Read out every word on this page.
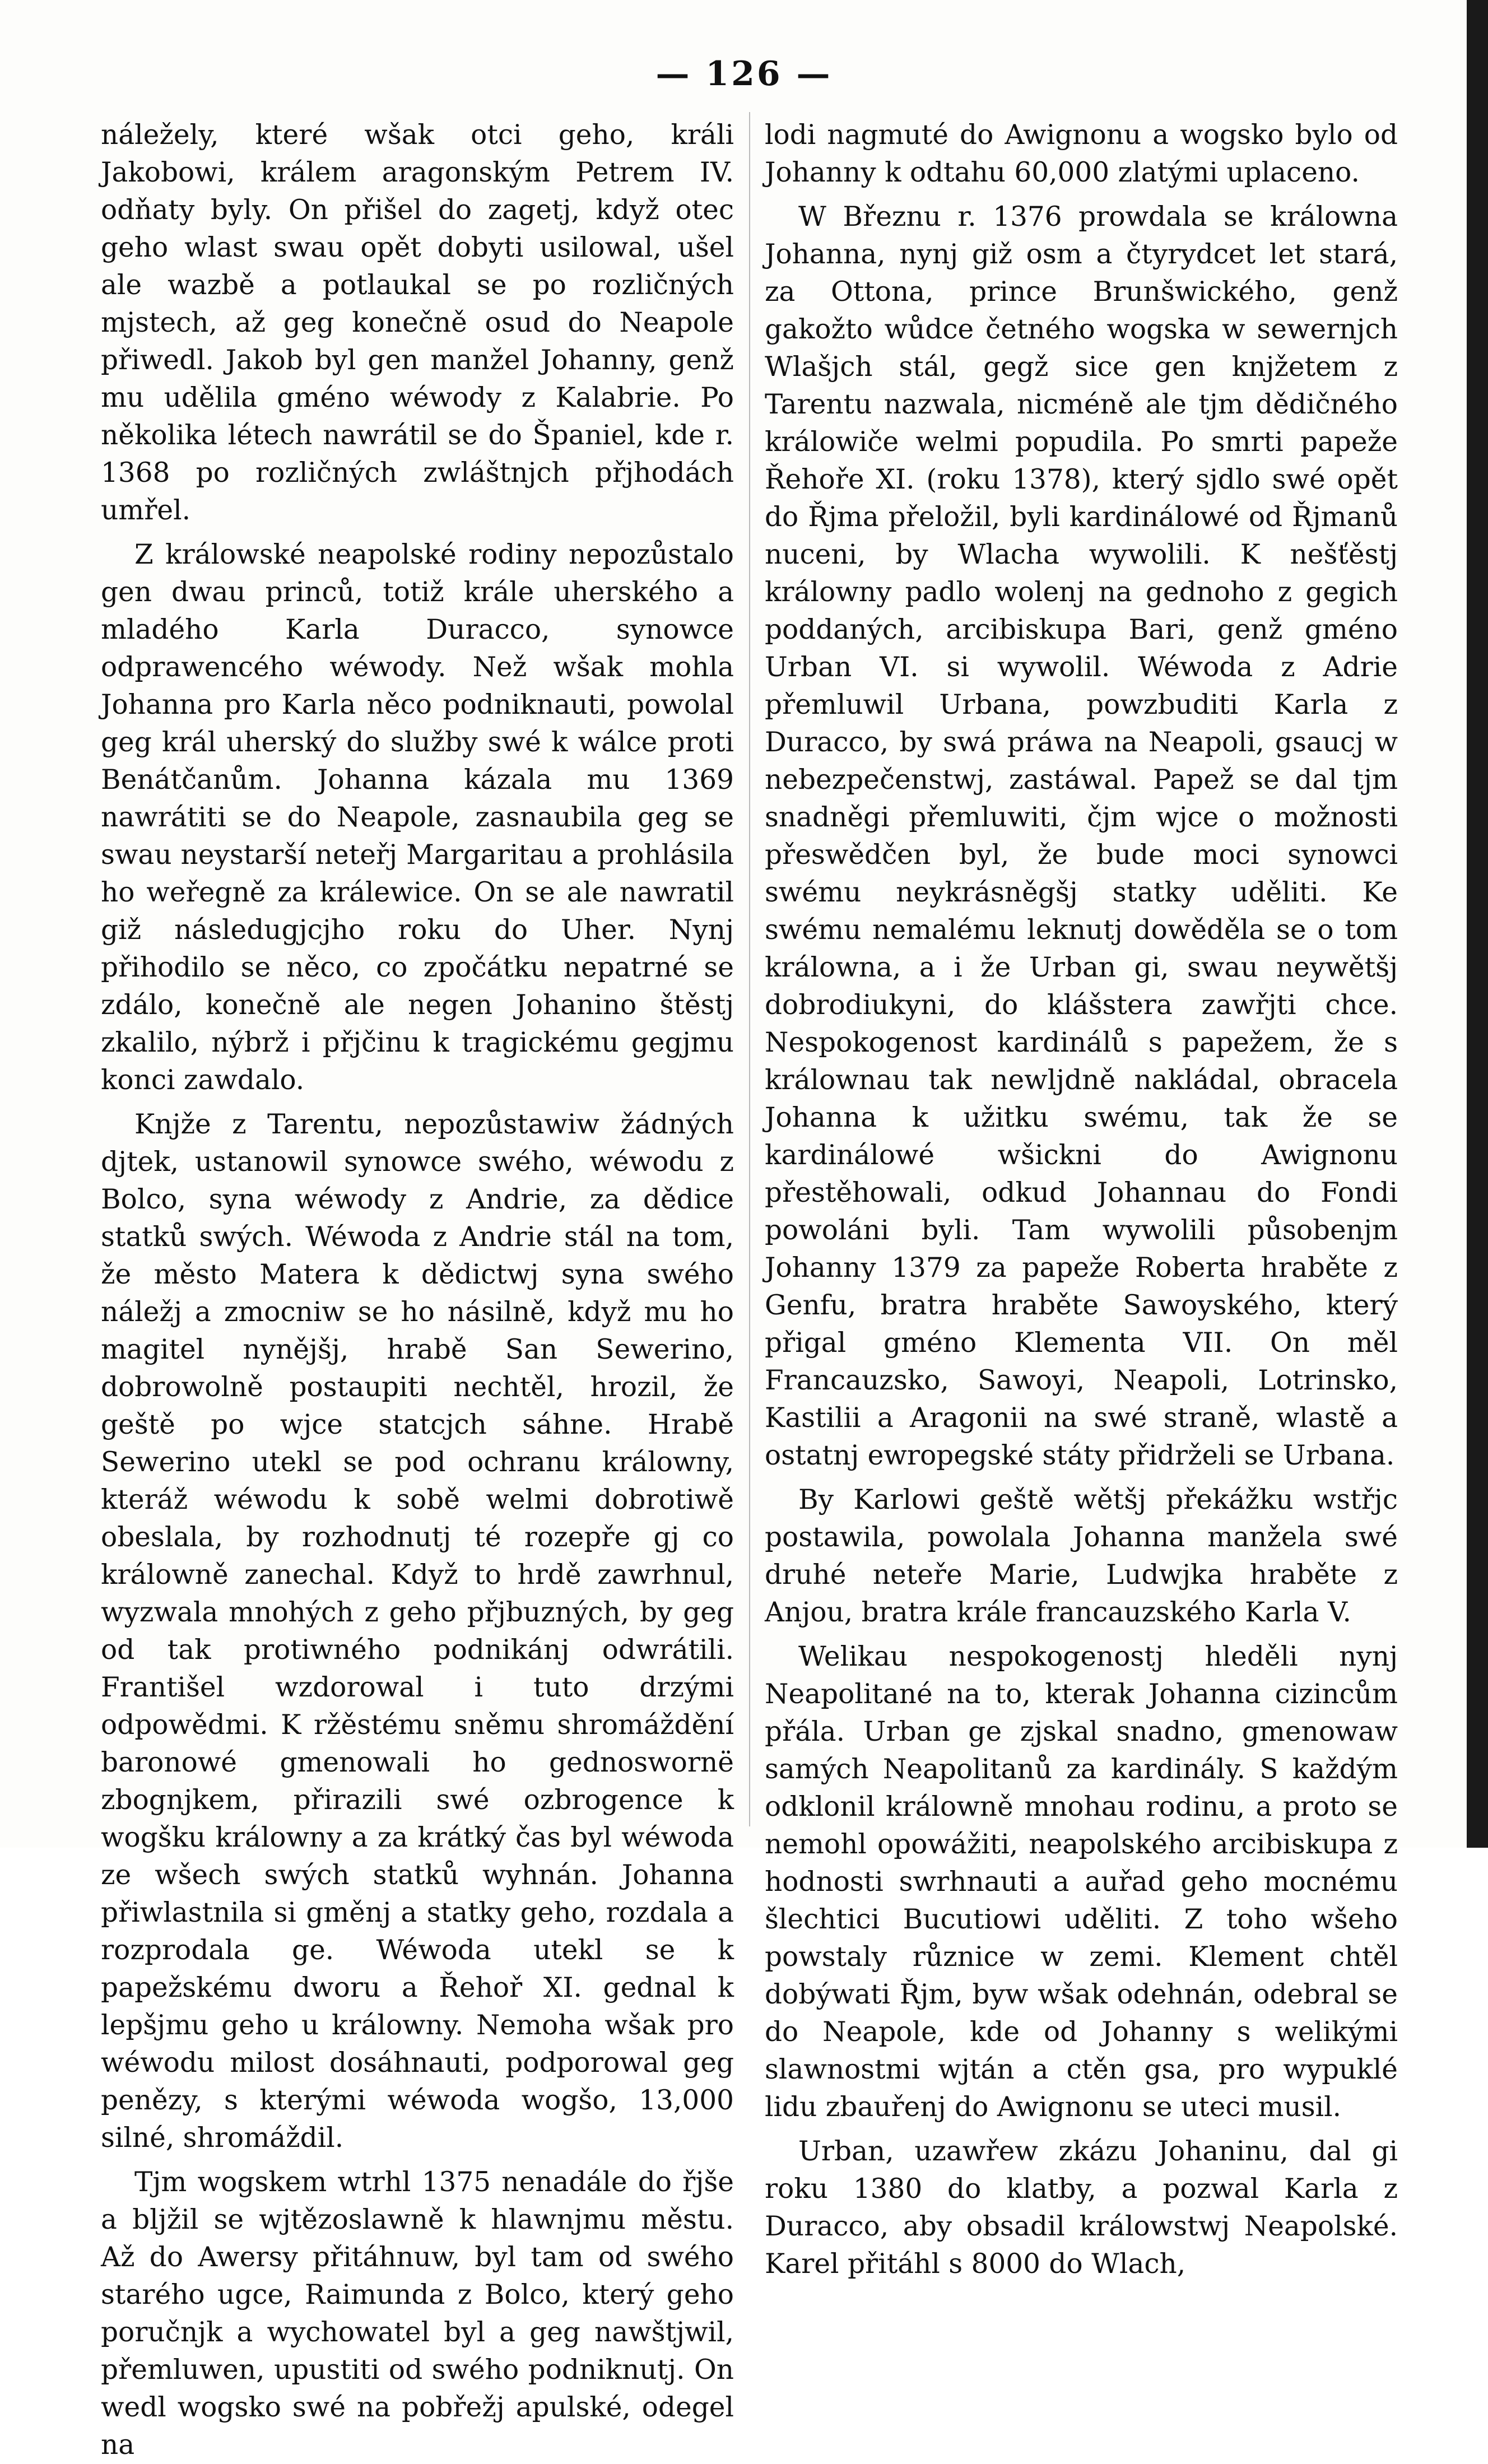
— 126 —

náležely, které wšak otci geho, králi Jakobowi, králem aragonským Petrem IV. odňaty byly. On přišel do zagetj, když otec geho wlast swau opět dobyti usilowal, ušel ale wazbě a potlaukal se po rozličných mjstech, až geg konečně osud do Neapole přiwedl. Jakob byl gen manžel Johanny, genž mu udělila gméno wéwody z Kalabrie. Po několika létech nawrátil se do Španiel, kde r. 1368 po rozličných zwláštnjch přjhodách umřel.

Z králowské neapolské rodiny nepozůstalo gen dwau princů, totiž krále uherského a mladého Karla Duracco, synowce odprawencého wéwody. Než wšak mohla Johanna pro Karla něco podniknauti, powolal geg král uherský do služby swé k wálce proti Benátčanům. Johanna kázala mu 1369 nawrátiti se do Neapole, zasnaubila geg se swau neystarší neteřj Margaritau a prohlásila ho weřegně za králewice. On se ale nawratil giž následugjcjho roku do Uher. Nynj přihodilo se něco, co zpočátku nepatrné se zdálo, konečně ale negen Johanino štěstj zkalilo, nýbrž i přjčinu k tragickému gegjmu konci zawdalo.

Knjže z Tarentu, nepozůstawiw žádných djtek, ustanowil synowce swého, wéwodu z Bolco, syna wéwody z Andrie, za dědice statků swých. Wéwoda z Andrie stál na tom, že město Matera k dědictwj syna swého náležj a zmocniw se ho násilně, když mu ho magitel nynějšj, hrabě San Sewerino, dobrowolně postaupiti nechtěl, hrozil, že geště po wjce statcjch sáhne. Hrabě Sewerino utekl se pod ochranu králowny, kteráž wéwodu k sobě welmi dobrotiwě obeslala, by rozhodnutj té rozepře gj co králowně zanechal. Když to hrdě zawrhnul, wyzwala mnohých z geho přjbuzných, by geg od tak protiwného podnikánj odwrátili. Františel wzdorowal i tuto drzými odpowědmi. K ržěstému sněmu shromáždění baronowé gmenowali ho gednoswornë zbognjkem, přirazili swé ozbrogence k wogšku králowny a za krátký čas byl wéwoda ze wšech swých statků wyhnán. Johanna přiwlastnila si gměnj a statky geho, rozdala a rozprodala ge. Wéwoda utekl se k papežskému dworu a Řehoř XI. gednal k lepšjmu geho u králowny. Nemoha wšak pro wéwodu milost dosáhnauti, podporowal geg penězy, s kterými wéwoda wogšo, 13,000 silné, shromáždil.

Tjm wogskem wtrhl 1375 nenadále do řjše a bljžil se wjtězoslawně k hlawnjmu městu. Až do Awersy přitáhnuw, byl tam od swého starého ugce, Raimunda z Bolco, který geho poručnjk a wychowatel byl a geg nawštjwil, přemluwen, upustiti od swého podniknutj. On wedl wogsko swé na pobřežj apulské, odegel na

lodi nagmuté do Awignonu a wogsko bylo od Johanny k odtahu 60,000 zlatými uplaceno.

W Březnu r. 1376 prowdala se králowna Johanna, nynj giž osm a čtyrydcet let stará, za Ottona, prince Brunšwického, genž gakožto wůdce četného wogska w sewernjch Wlašjch stál, gegž sice gen knjžetem z Tarentu nazwala, nicméně ale tjm dědičného králowiče welmi popudila. Po smrti papeže Řehoře XI. (roku 1378), který sjdlo swé opět do Řjma přeložil, byli kardinálowé od Řjmanů nuceni, by Wlacha wywolili. K nešťěstj králowny padlo wolenj na gednoho z gegich poddaných, arcibiskupa Bari, genž gméno Urban VI. si wywolil. Wéwoda z Adrie přemluwil Urbana, powzbuditi Karla z Duracco, by swá práwa na Neapoli, gsaucj w nebezpečenstwj, zastáwal. Papež se dal tjm snadněgi přemluwiti, čjm wjce o možnosti přeswědčen byl, že bude moci synowci swému neykrásněgšj statky uděliti. Ke swému nemalému leknutj dowěděla se o tom králowna, a i že Urban gi, swau neywětšj dobrodiukyni, do klášstera zawřjti chce. Nespokogenost kardinálů s papežem, že s králownau tak newljdně nakládal, obracela Johanna k užitku swému, tak že se kardinálowé wšickni do Awignonu přestěhowali, odkud Johannau do Fondi powoláni byli. Tam wywolili působenjm Johanny 1379 za papeže Roberta hraběte z Genfu, bratra hraběte Sawoyského, který přigal gméno Klementa VII. On měl Francauzsko, Sawoyi, Neapoli, Lotrinsko, Kastilii a Aragonii na swé straně, wlastě a ostatnj ewropegské státy přidrželi se Urbana.

By Karlowi geště wětšj překážku wstřjc postawila, powolala Johanna manžela swé druhé neteře Marie, Ludwjka hraběte z Anjou, bratra krále francauzského Karla V.

Welikau nespokogenostj hleděli nynj Neapolitané na to, kterak Johanna cizincům přála. Urban ge zjskal snadno, gmenowaw samých Neapolitanů za kardinály. S každým odklonil králowně mnohau rodinu, a proto se nemohl opowážiti, neapolského arcibiskupa z hodnosti swrhnauti a auřad geho mocnému šlechtici Bucutiowi uděliti. Z toho wšeho powstaly různice w zemi. Klement chtěl dobýwati Řjm, byw wšak odehnán, odebral se do Neapole, kde od Johanny s welikými slawnostmi wjtán a ctěn gsa, pro wypuklé lidu zbauřenj do Awignonu se uteci musil.

Urban, uzawřew zkázu Johaninu, dal gi roku 1380 do klatby, a pozwal Karla z Duracco, aby obsadil králowstwj Neapolské. Karel přitáhl s 8000 do Wlach,
